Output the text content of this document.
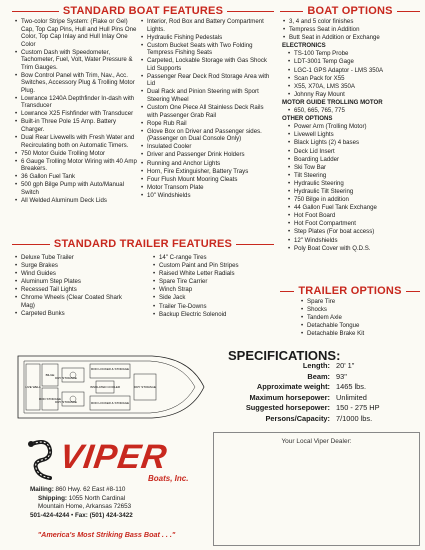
STANDARD BOAT FEATURES
• Two-color Stripe System: (Flake or Gel) Cap, Top Cap Pins, Hull and Hull Pins One Color, Top Cap Inlay and Hull Inlay One Color
• Custom Dash with Speedometer, Tachometer, Fuel, Volt, Water Pressure & Trim Gauges.
• Bow Control Panel with Trim, Nav., Acc. Switches, Accessory Plug & Trolling Motor Plug.
• Lowrance 1240A Depthfinder In-dash with Transducer
• Lowrance X25 Fishfinder with Transducer
• Built-in Three Pole 15 Amp. Battery Charger.
• Dual Rear Livewells with Fresh Water and Recirculating both on Automatic Timers.
• 750 Motor Guide Trolling Motor
• 6 Gauge Trolling Motor Wiring with 40 Amp Breakers.
• 36 Gallon Fuel Tank
• 500 gph Bilge Pump with Auto/Manual Switch
• All Welded Aluminum Deck Lids
• Interior, Rod Box and Battery Compartment Lights.
• Hydraulic Fishing Pedestals
• Custom Bucket Seats with Two Folding Tempress Fishing Seats
• Carpeted, Lockable Storage with Gas Shock Lid Supports
• Passenger Rear Deck Rod Storage Area with Lid
• Dual Rack and Pinion Steering with Sport Steering Wheel
• Custom One Piece All Stainless Deck Rails with Passenger Grab Rail
• Rope Rub Rail
• Glove Box on Driver and Passenger sides. (Passenger on Dual Console Only)
• Insulated Cooler
• Driver and Passenger Drink Holders
• Running and Anchor Lights
• Horn, Fire Extinguisher, Battery Trays
• Four Flush Mount Mooring Cleats
• Motor Transom Plate
• 10" Windshields
BOAT OPTIONS
• 3, 4 and 5 color finishes
• Tempress Seat in Addition
• Butt Seat in Addition or Exchange
ELECTRONICS
• TS-100 Temp Probe
• LDT-3001 Temp Gage
• LGC-1 GPS Adaptor - LMS 350A
• Scan Pack for X55
• X55, X70A, LMS 350A
• Johnny Ray Mount
MOTOR GUIDE TROLLING MOTOR
• 650, 665, 765, 775
OTHER OPTIONS
• Power Arm (Trolling Motor)
• Livewell Lights
• Black Lights (2) 4 bases
• Deck Lid Insert
• Boarding Ladder
• Ski Tow Bar
• Tilt Steering
• Hydraulic Steering
• Hydraulic Tilt Steering
• 750 Bilge in addition
• 44 Gallon Fuel Tank Exchange
• Hot Foot Board
• Hot Foot Compartment
• Step Plates (For boat access)
• 12" Windshields
• Poly Boat Cover with Q.D.S.
STANDARD TRAILER FEATURES
• Deluxe Tube Trailer
• Surge Brakes
• Wind Guides
• Aluminum Step Plates
• Recessed Tail Lights
• Chrome Wheels (Clear Coated Shark Mag)
• Carpeted Bunks
• 14" C-range Tires
• Custom Paint and Pin Stripes
• Raised White Letter Radials
• Spare Tire Carrier
• Winch Strap
• Side Jack
• Trailer Tie-Downs
• Backup Electric Solenoid
TRAILER OPTIONS
• Spare Tire
• Shocks
• Tandem Axle
• Detachable Tongue
• Detachable Brake Kit
ROD LOCKER & STORAGE
DRY STORAGE
LIVE WELL
BILGE
DRY STORAGE
ROD STORAGE
INSULATED COOLER	DRY STORAGE
ROD LOCKER & STORAGE
SPECIFICATIONS:
Length: 20' 1"
Beam: 93"
Approximate weight: 1465 lbs.
Maximum horsepower: Unlimited
Suggested horsepower: 150 - 275 HP
Persons/Capacity: 7/1000 lbs.
VIPER
Boats, Inc.
Mailing: 860 Hwy. 62 East #8-110
Shipping: 1055 North Cardinal
Mountain Home, Arkansas 72653
501-424-4244 • Fax: (501) 424-3422
"America's Most Striking Bass Boat . . ."
Your Local Viper Dealer:
